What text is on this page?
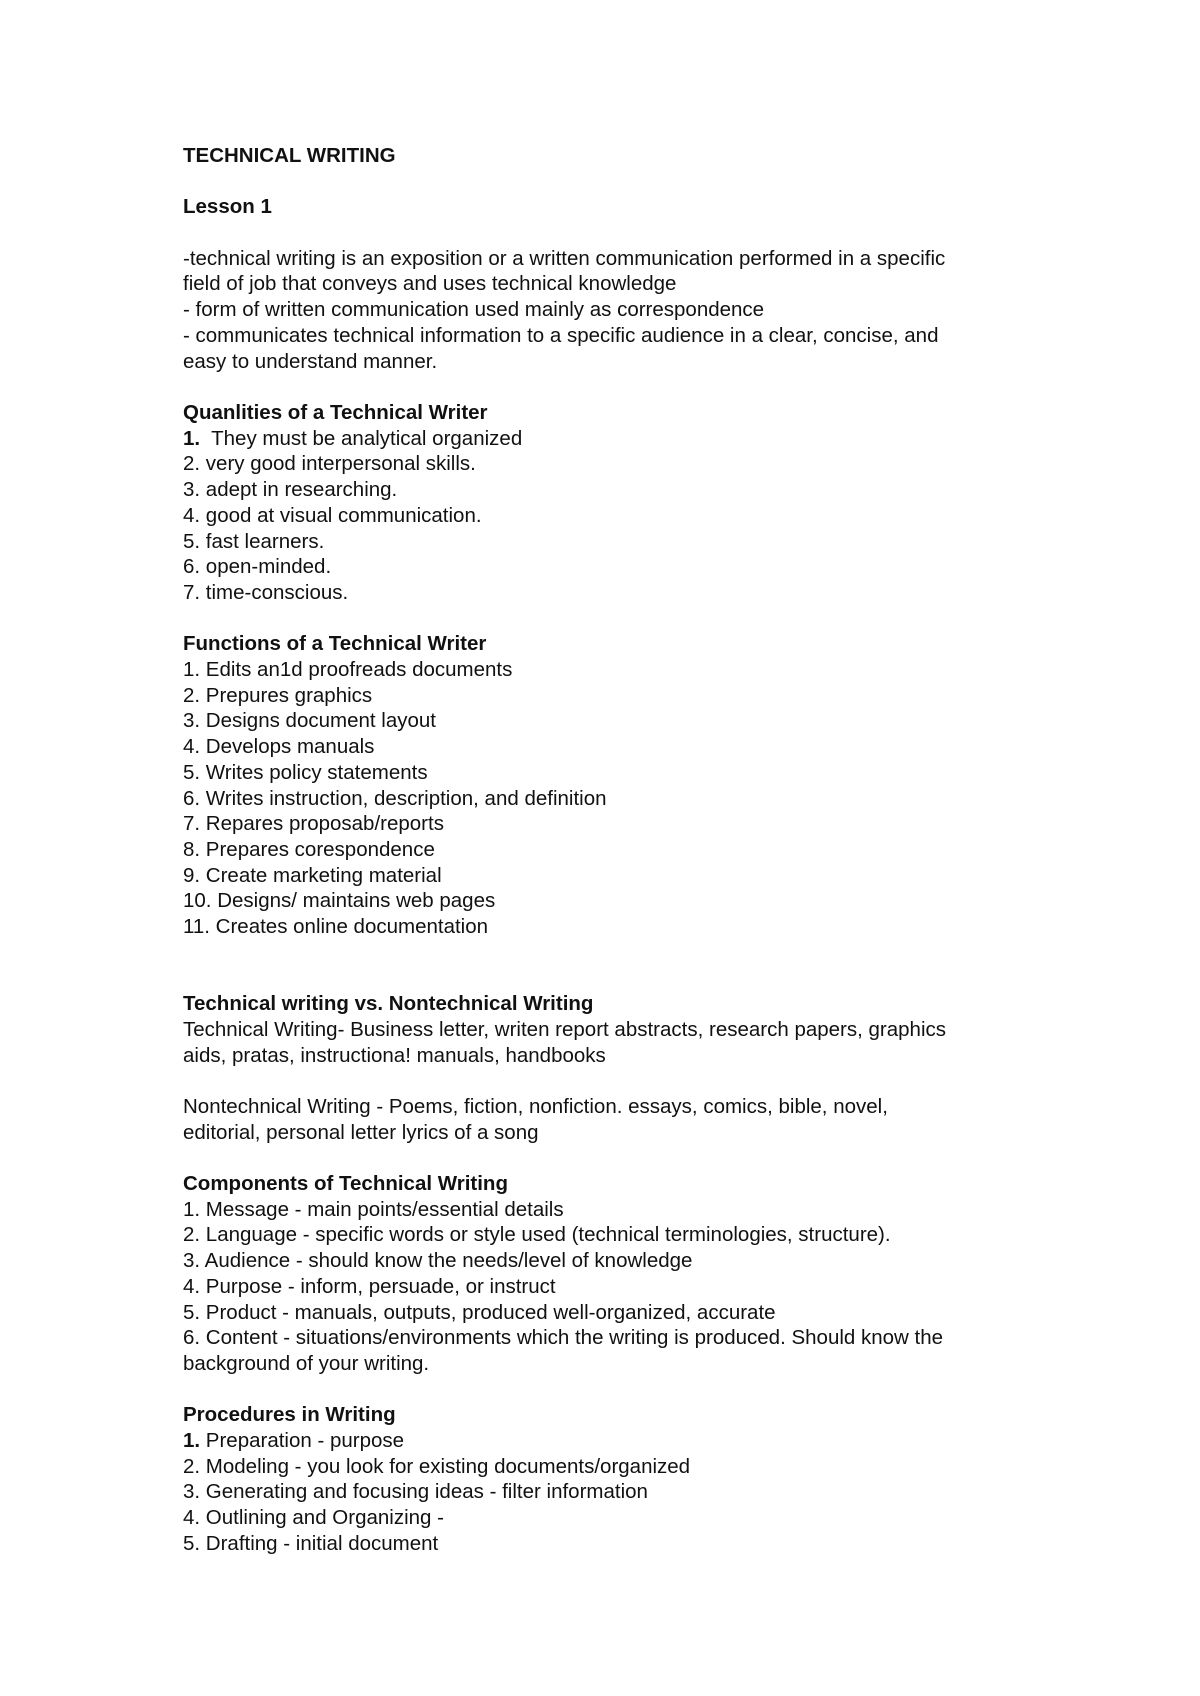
TECHNICAL WRITING
Lesson 1
-technical writing is an exposition or a written communication performed in a specific
field of job that conveys and uses technical knowledge
- form of written communication used mainly as correspondence
- communicates technical information to a specific audience in a clear, concise, and
easy to understand manner.
Quanlities of a Technical Writer
1.  They must be analytical organized
2. very good interpersonal skills.
3. adept in researching.
4. good at visual communication.
5. fast learners.
6. open-minded.
7. time-conscious.
Functions of a Technical Writer
1. Edits an1d proofreads documents
2. Prepures graphics
3. Designs document layout
4. Develops manuals
5. Writes policy statements
6. Writes instruction, description, and definition
7. Repares proposab/reports
8. Prepares corespondence
9. Create marketing material
10. Designs/ maintains web pages
11. Creates online documentation
Technical writing vs. Nontechnical Writing
Technical Writing- Business letter, writen report abstracts, research papers, graphics
aids, pratas, instructiona! manuals, handbooks
Nontechnical Writing - Poems, fiction, nonfiction. essays, comics, bible, novel,
editorial, personal letter lyrics of a song
Components of Technical Writing
1. Message - main points/essential details
2. Language - specific words or style used (technical terminologies, structure).
3. Audience - should know the needs/level of knowledge
4. Purpose - inform, persuade, or instruct
5. Product - manuals, outputs, produced well-organized, accurate
6. Content - situations/environments which the writing is produced. Should know the
background of your writing.
Procedures in Writing
1. Preparation - purpose
2. Modeling - you look for existing documents/organized
3. Generating and focusing ideas - filter information
4. Outlining and Organizing -
5. Drafting - initial document
